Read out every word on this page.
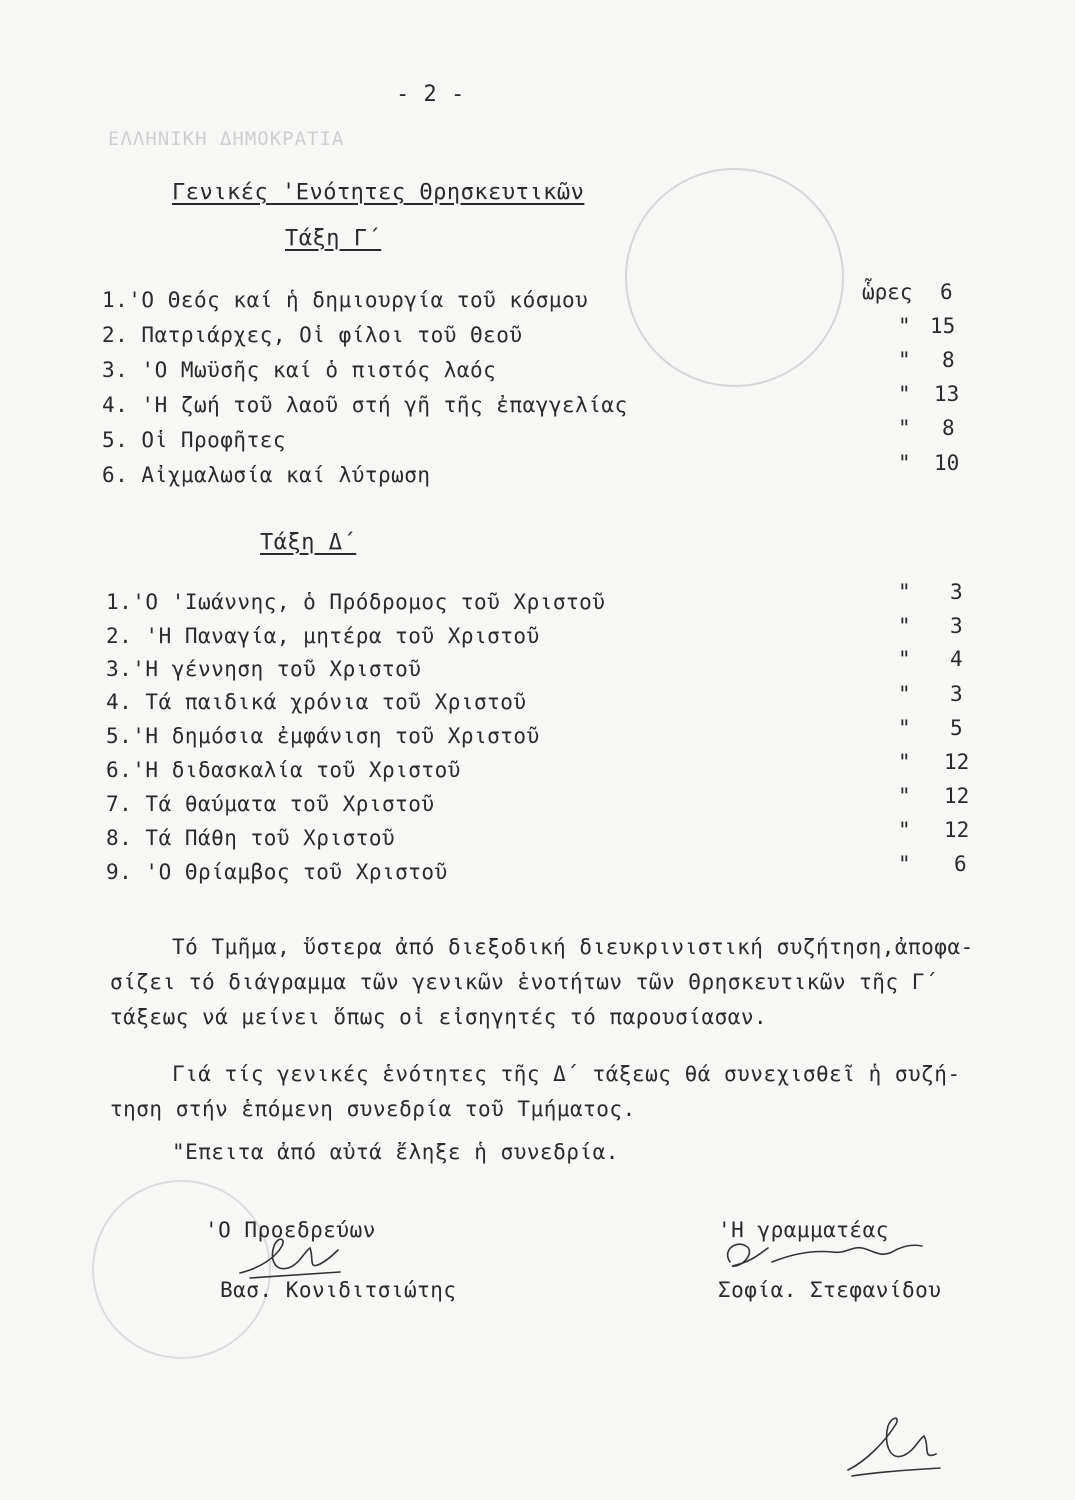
ΕΛΛΗΝΙΚΗ ΔΗΜΟΚΡΑΤΙΑ
- 2 -
Γενικές 'Ενότητες Θρησκευτικῶν
Τάξη Γ΄
1.'Ο Θεός καί ἡ δημιουργία τοῦ κόσμου
2. Πατριάρχες, Οἱ φίλοι τοῦ Θεοῦ
3. 'Ο Μωϋσῆς καί ὁ πιστός λαός
4. 'Η ζωή τοῦ λαοῦ στή γῆ τῆς ἐπαγγελίας
5. Οἱ Προφῆτες
6. Αἰχμαλωσία καί λύτρωση
ὧρες 6
" 15
" 8
" 13
" 8
" 10
Τάξη Δ΄
1.'Ο 'Ιωάννης, ὁ Πρόδρομος τοῦ Χριστοῦ
2. 'Η Παναγία, μητέρα τοῦ Χριστοῦ
3.'Η γέννηση τοῦ Χριστοῦ
4. Τά παιδικά χρόνια τοῦ Χριστοῦ
5.'Η δημόσια ἐμφάνιση τοῦ Χριστοῦ
6.'Η διδασκαλία τοῦ Χριστοῦ
7. Τά θαύματα τοῦ Χριστοῦ
8. Τά Πάθη τοῦ Χριστοῦ
9. 'Ο Θρίαμβος τοῦ Χριστοῦ
" 3
" 3
" 4
" 3
" 5
" 12
" 12
" 12
" 6
Τό Τμῆμα, ὕστερα ἀπό διεξοδική διευκρινιστική συζήτηση,ἀποφα-
σίζει τό διάγραμμα τῶν γενικῶν ἑνοτήτων τῶν Θρησκευτικῶν τῆς Γ΄
τάξεως νά μείνει ὅπως οἱ εἰσηγητές τό παρουσίασαν.
Γιά τίς γενικές ἑνότητες τῆς Δ΄ τάξεως θά συνεχισθεῖ ἡ συζή-
τηση στήν ἑπόμενη συνεδρία τοῦ Τμήματος.
"Επειτα ἀπό αὐτά ἔληξε ἡ συνεδρία.
'Ο Προεδρεύων
Βασ. Κονιδιτσιώτης
'Η γραμματέας
Σοφία. Στεφανίδου
